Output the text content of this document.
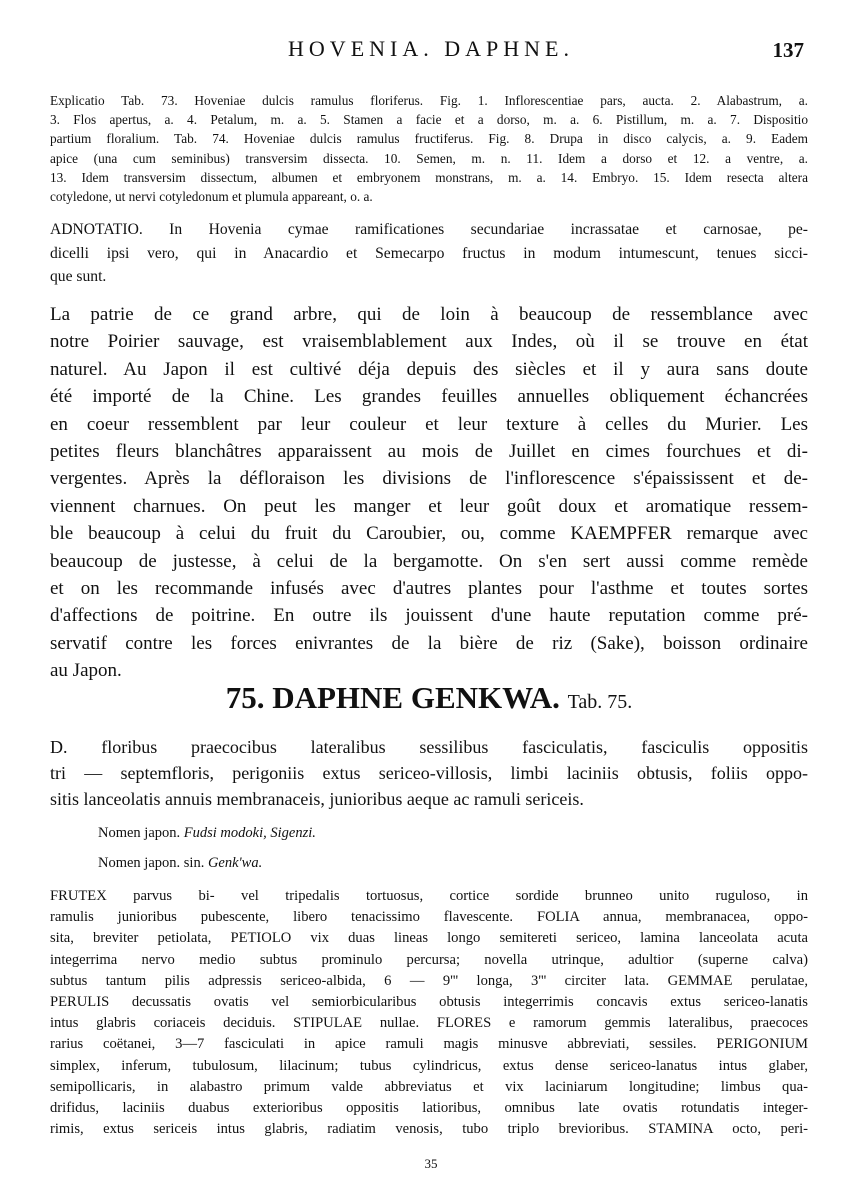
HOVENIA. DAPHNE.	137
Explicatio Tab. 73. Hoveniae dulcis ramulus floriferus. Fig. 1. Inflorescentiae pars, aucta. 2. Alabastrum, a.
3. Flos apertus, a. 4. Petalum, m. a. 5. Stamen a facie et a dorso, m. a. 6. Pistillum, m. a. 7. Dispositio
partium floralium. Tab. 74. Hoveniae dulcis ramulus fructiferus. Fig. 8. Drupa in disco calycis, a. 9. Eadem
apice (una cum seminibus) transversim dissecta. 10. Semen, m. n. 11. Idem a dorso et 12. a ventre, a.
13. Idem transversim dissectum, albumen et embryonem monstrans, m. a. 14. Embryo. 15. Idem resecta altera
cotyledone, ut nervi cotyledonum et plumula appareant, o. a.
ADNOTATIO. In Hovenia cymae ramificationes secundariae incrassatae et carnosae, pe-
dicelli ipsi vero, qui in Anacardio et Semecarpo fructus in modum intumescunt, tenues sicci-
que sunt.
La patrie de ce grand arbre, qui de loin à beaucoup de ressemblance avec
notre Poirier sauvage, est vraisemblablement aux Indes, où il se trouve en état
naturel. Au Japon il est cultivé déja depuis des siècles et il y aura sans doute
été importé de la Chine. Les grandes feuilles annuelles obliquement échancrées
en coeur ressemblent par leur couleur et leur texture à celles du Murier. Les
petites fleurs blanchâtres apparaissent au mois de Juillet en cimes fourchues et di-
vergentes. Après la défloraison les divisions de l'inflorescence s'épaississent et de-
viennent charnues. On peut les manger et leur goût doux et aromatique ressem-
ble beaucoup à celui du fruit du Caroubier, ou, comme KAEMPFER remarque avec
beaucoup de justesse, à celui de la bergamotte. On s'en sert aussi comme remède
et on les recommande infusés avec d'autres plantes pour l'asthme et toutes sortes
d'affections de poitrine. En outre ils jouissent d'une haute reputation comme pré-
servatif contre les forces enivrantes de la bière de riz (Sake), boisson ordinaire
au Japon.
75. DAPHNE GENKWA. Tab. 75.
D. floribus praecocibus lateralibus sessilibus fasciculatis, fasciculis oppositis
tri — septemfloris, perigoniis extus sericeo-villosis, limbi laciniis obtusis, foliis oppo-
sitis lanceolatis annuis membranaceis, junioribus aeque ac ramuli sericeis.
Nomen japon. Fudsi modoki, Sigenzi.
Nomen japon. sin. Genk'wa.
FRUTEX parvus bi- vel tripedalis tortuosus, cortice sordide brunneo unito ruguloso, in
ramulis junioribus pubescente, libero tenacissimo flavescente. FOLIA annua, membranacea, oppo-
sita, breviter petiolata, PETIOLO vix duas lineas longo semitereti sericeo, lamina lanceolata acuta
integerrima nervo medio subtus prominulo percursa; novella utrinque, adultior (superne calva)
subtus tantum pilis adpressis sericeo-albida, 6 — 9''' longa, 3''' circiter lata. GEMMAE perulatae,
PERULIS decussatis ovatis vel semiorbicularibus obtusis integerrimis concavis extus sericeo-lanatis
intus glabris coriaceis deciduis. STIPULAE nullae. FLORES e ramorum gemmis lateralibus, praecoces
rarius coëtanei, 3—7 fasciculati in apice ramuli magis minusve abbreviati, sessiles. PERIGONIUM
simplex, inferum, tubulosum, lilacinum; tubus cylindricus, extus dense sericeo-lanatus intus glaber,
semipollicaris, in alabastro primum valde abbreviatus et vix laciniarum longitudine; limbus qua-
drifidus, laciniis duabus exterioribus oppositis latioribus, omnibus late ovatis rotundatis integer-
rimis, extus sericeis intus glabris, radiatim venosis, tubo triplo brevioribus. STAMINA octo, peri-
35
